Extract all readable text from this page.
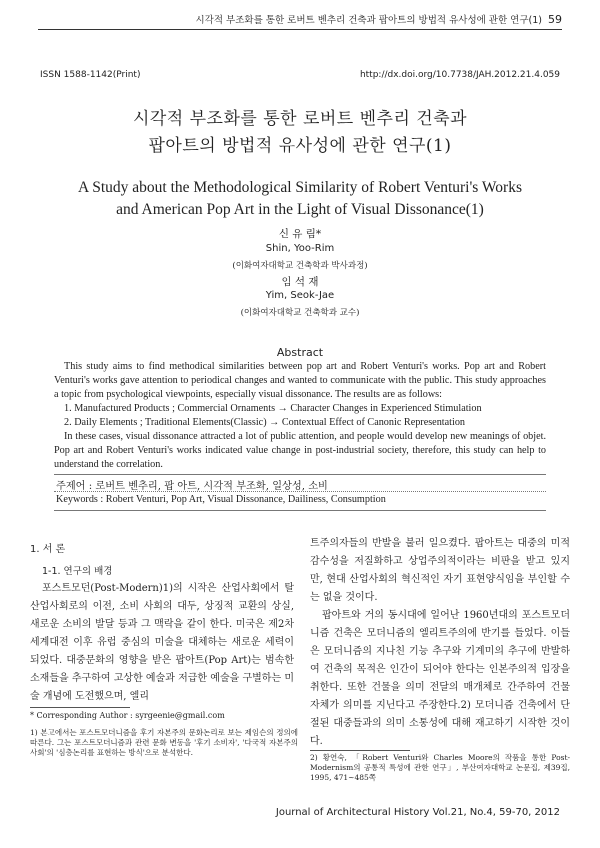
시각적 부조화를 통한 로버트 벤추리 건축과 팝아트의 방법적 유사성에 관한 연구(1) 59
ISSN 1588-1142(Print)	http://dx.doi.org/10.7738/JAH.2012.21.4.059
시각적 부조화를 통한 로버트 벤추리 건축과
팝아트의 방법적 유사성에 관한 연구(1)
A Study about the Methodological Similarity of Robert Venturi's Works
and American Pop Art in the Light of Visual Dissonance(1)
신 유 림*
Shin, Yoo-Rim
(이화여자대학교 건축학과 박사과정)
임 석 재
Yim, Seok-Jae
(이화여자대학교 건축학과 교수)
Abstract

This study aims to find methodical similarities between pop art and Robert Venturi's works. Pop art and Robert Venturi's works gave attention to periodical changes and wanted to communicate with the public. This study approaches a topic from psychological viewpoints, especially visual dissonance. The results are as follows:

1. Manufactured Products ; Commercial Ornaments → Character Changes in Experienced Stimulation

2. Daily Elements ; Traditional Elements(Classic) → Contextual Effect of Canonic Representation

In these cases, visual dissonance attracted a lot of public attention, and people would develop new meanings of objet. Pop art and Robert Venturi's works indicated value change in post-industrial society, therefore, this study can help to understand the correlation.

주제어 : 로버트 벤추리, 팝 아트, 시각적 부조화, 일상성, 소비
Keywords : Robert Venturi, Pop Art, Visual Dissonance, Dailiness, Consumption
1. 서 론
1-1. 연구의 배경

포스트모던(Post-Modern)1)의 시작은 산업사회에서 탈산업사회로의 이전, 소비 사회의 대두, 상징적 교환의 상실, 새로운 소비의 발달 등과 그 맥락을 같이 한다. 미국은 제2차 세계대전 이후 유럽 중심의 미술을 대체하는 새로운 세력이 되었다. 대중문화의 영향을 받은 팝아트(Pop Art)는 범속한 소재들을 추구하여 고상한 예술과 저급한 예술을 구별하는 미술 개념에 도전했으며, 엘리

* Corresponding Author : syrgeenie@gmail.com
1) 본고에서는 포스트모더니즘을 후기 자본주의 문화논리로 보는 제임슨의 정의에 따른다. 그는 포스트모더니즘과 관련 문화 변동을 '후기 소비자', '다국적 자본주의 사회'의 '심층논리를 표현하는 방식'으로 분석한다.

트주의자들의 반발을 불러 일으켰다. 팝아트는 대중의 미적 감수성을 저질화하고 상업주의적이라는 비판을 받고 있지만, 현대 산업사회의 혁신적인 자기 표현양식임을 부인할 수는 없을 것이다.

팝아트와 거의 동시대에 일어난 1960년대의 포스트모더니즘 건축은 모더니즘의 엘리트주의에 반기를 들었다. 이들은 모더니즘의 지나친 기능 추구와 기계미의 추구에 반발하여 건축의 목적은 인간이 되어야 한다는 인본주의적 입장을 취한다. 또한 건물을 의미 전달의 매개체로 간주하여 건물 자체가 의미를 지닌다고 주장한다.2) 모더니즘 건축에서 단절된 대중들과의 의미 소통성에 대해 재고하기 시작한 것이다.

2) 황연숙, 「Robert Venturi와 Charles Moore의 작품을 통한 Post-Modernism의 공통적 특성에 관한 연구」, 부산여자대학교 논문집, 제39집, 1995, 471~485쪽
Journal of Architectural History Vol.21, No.4, 59-70, 2012
